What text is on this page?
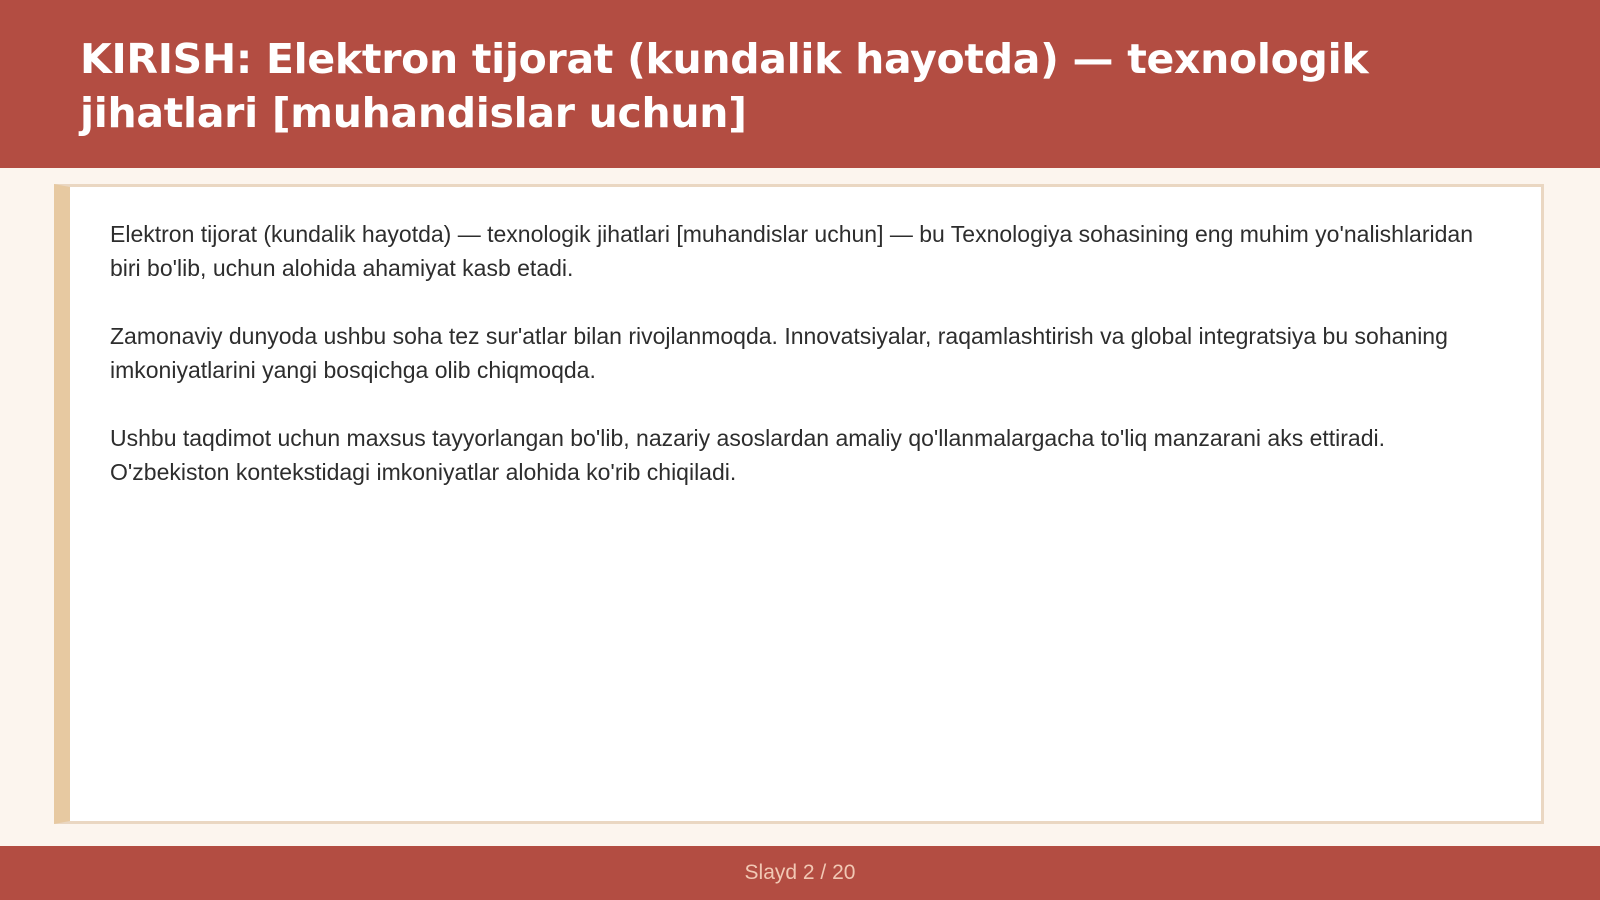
KIRISH: Elektron tijorat (kundalik hayotda) — texnologik jihatlari [muhandislar uchun]

Elektron tijorat (kundalik hayotda) — texnologik jihatlari [muhandislar uchun] — bu Texnologiya sohasining eng muhim yo'nalishlaridan biri bo'lib, uchun alohida ahamiyat kasb etadi.

Zamonaviy dunyoda ushbu soha tez sur'atlar bilan rivojlanmoqda. Innovatsiyalar, raqamlashtirish va global integratsiya bu sohaning imkoniyatlarini yangi bosqichga olib chiqmoqda.

Ushbu taqdimot uchun maxsus tayyorlangan bo'lib, nazariy asoslardan amaliy qo'llanmalargacha to'liq manzarani aks ettiradi. O'zbekiston kontekstidagi imkoniyatlar alohida ko'rib chiqiladi.

Slayd 2 / 20
